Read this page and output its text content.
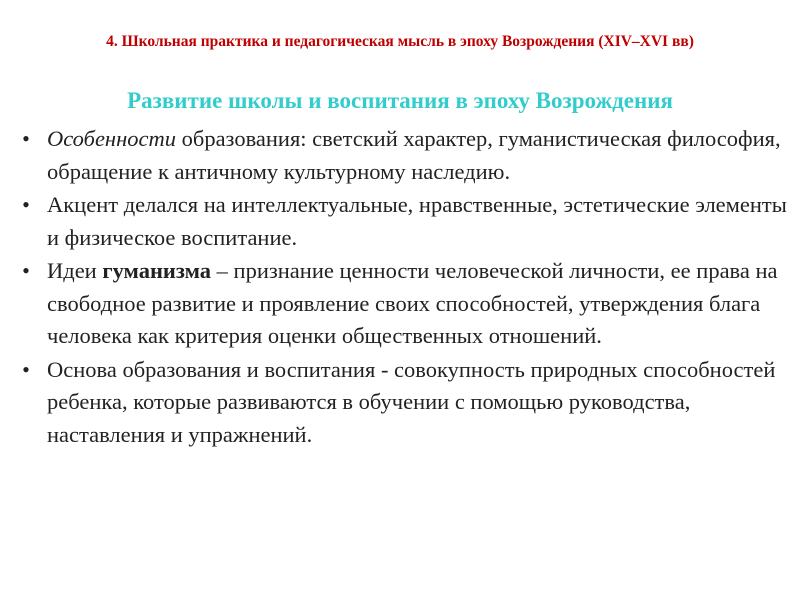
4. Школьная практика и педагогическая мысль в эпоху Возрождения (XIV–XVI вв)
Развитие школы и воспитания в эпоху Возрождения
• Особенности образования: светский характер, гуманистическая философия, обращение к античному культурному наследию.
• Акцент делался на интеллектуальные, нравственные, эстетические элементы и физическое воспитание.
• Идеи гуманизма – признание ценности человеческой личности, ее права на свободное развитие и проявление своих способностей, утверждения блага человека как критерия оценки общественных отношений.
• Основа образования и воспитания - совокупность природных способностей ребенка, которые развиваются в обучении с помощью руководства, наставления и упражнений.
